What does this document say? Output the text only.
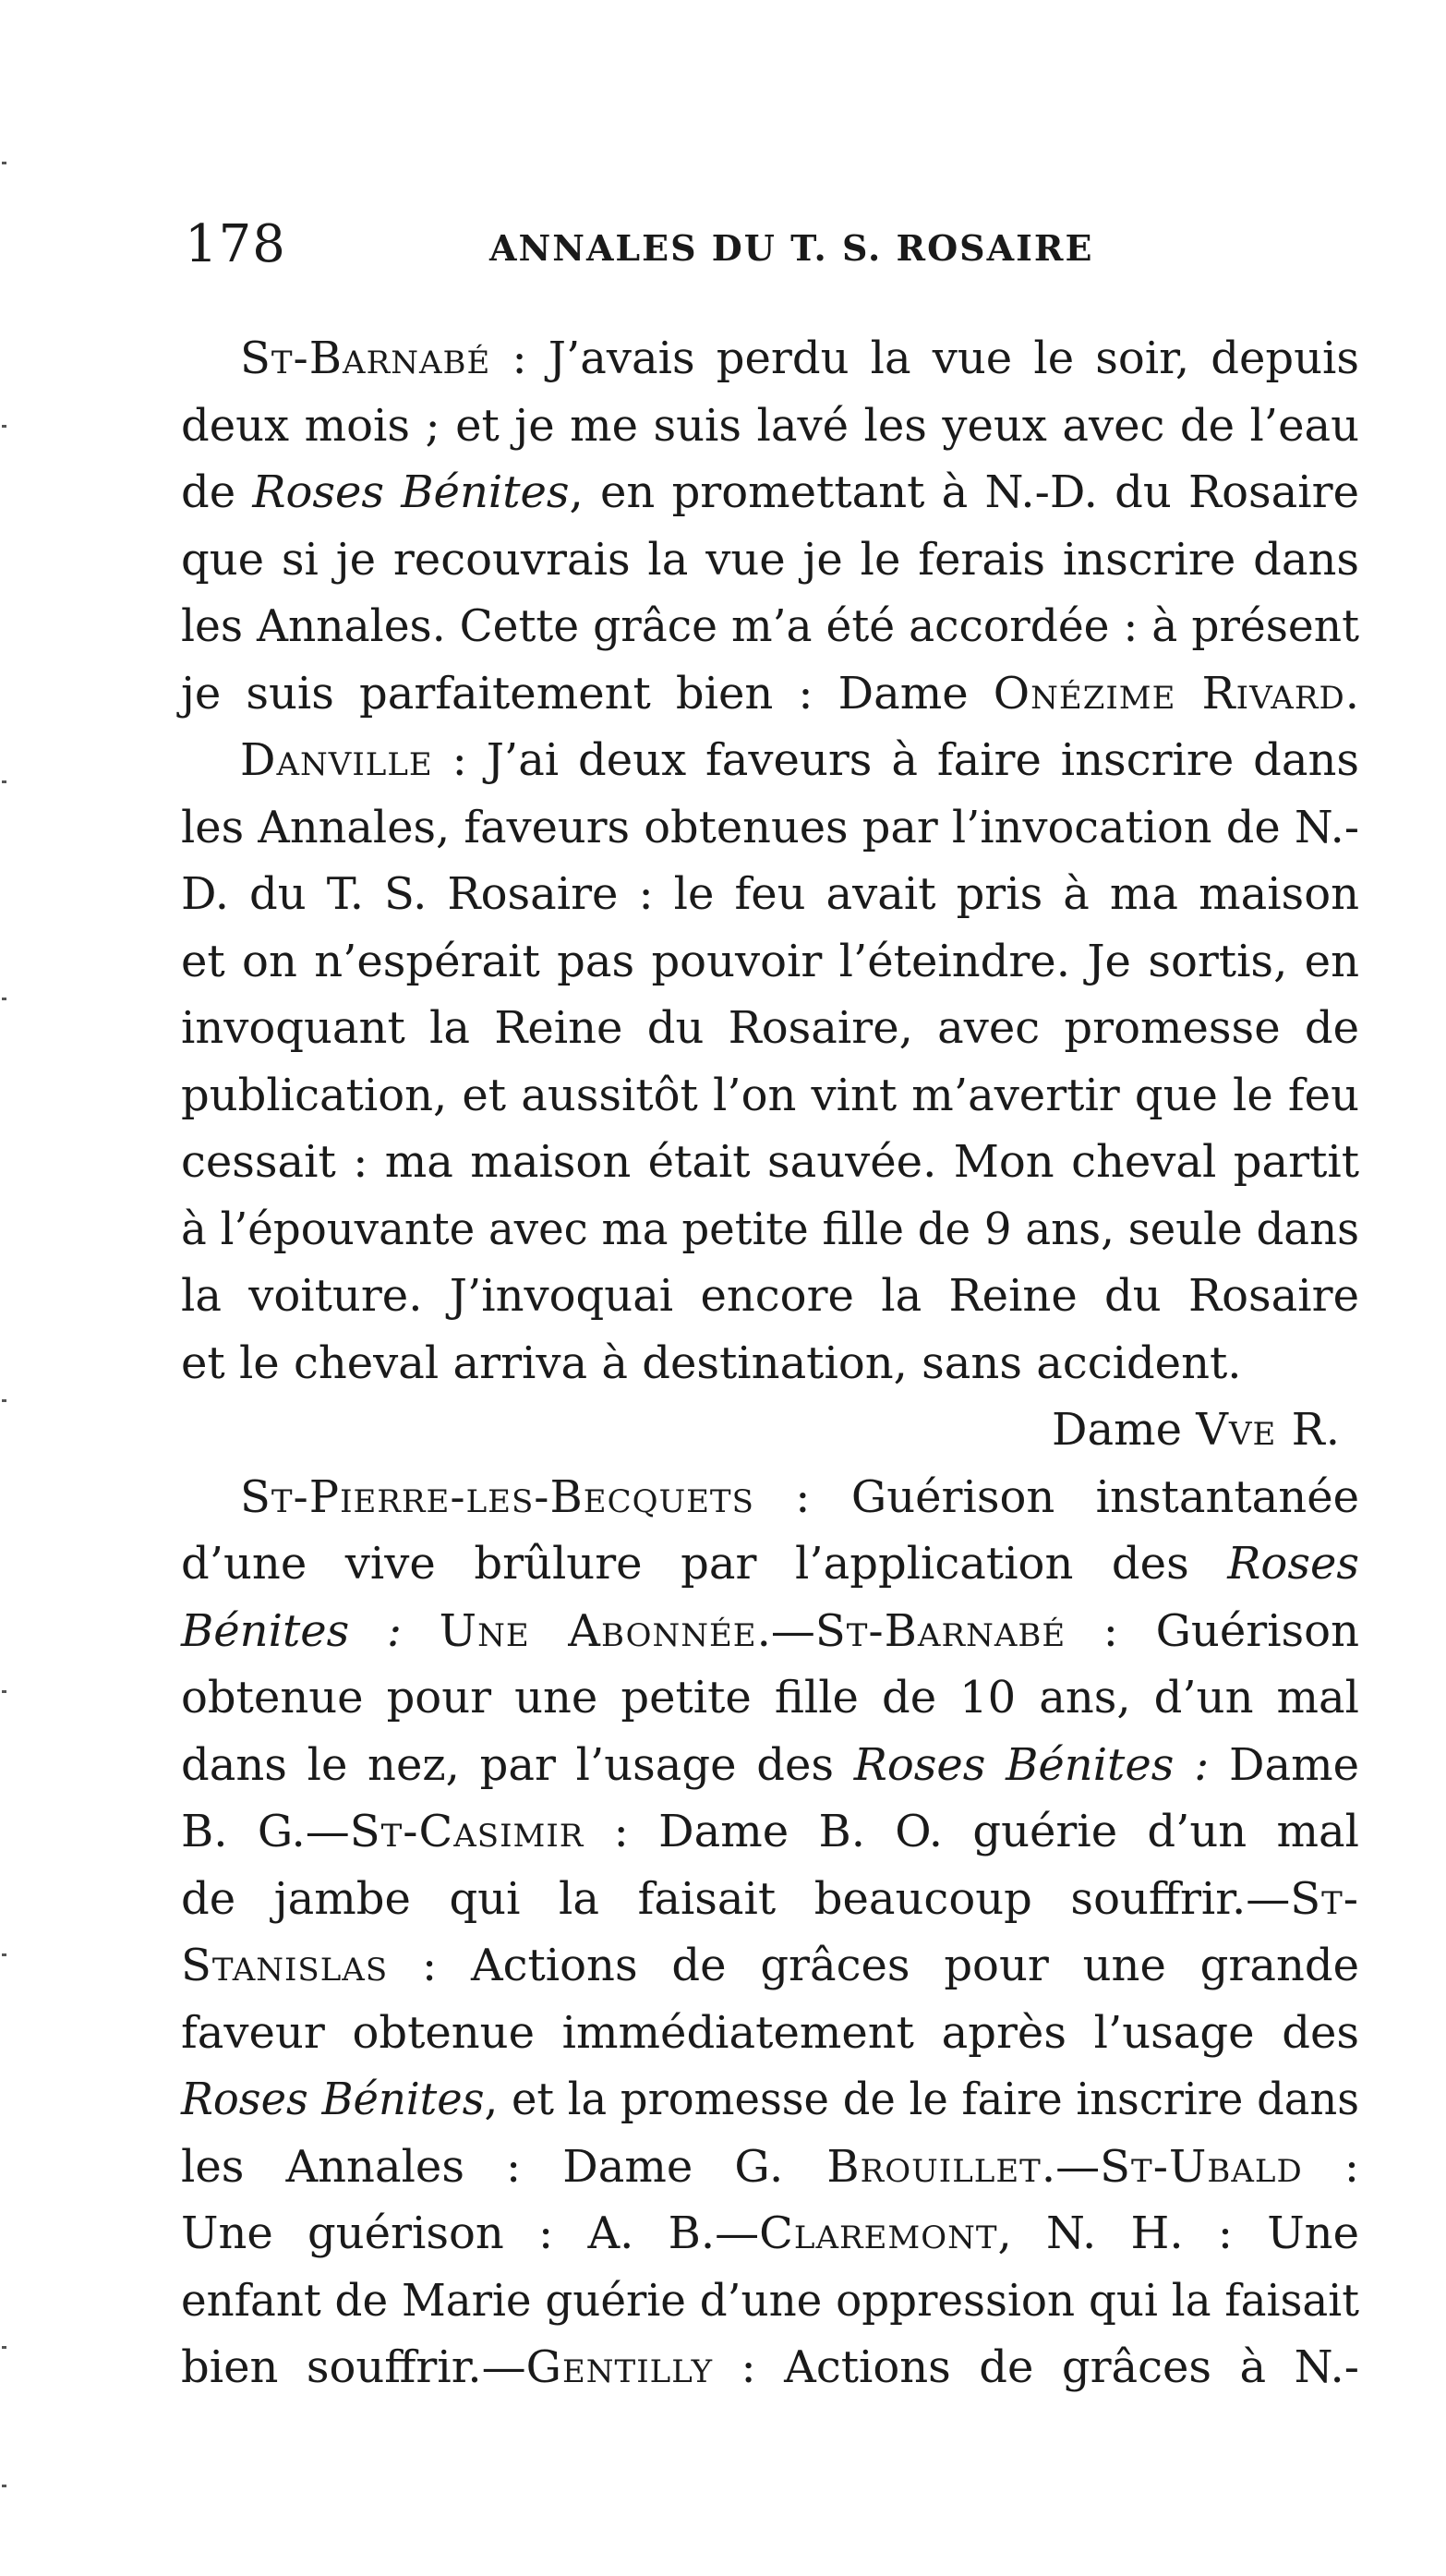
178	ANNALES DU T. S. ROSAIRE
St-Barnabé : J’avais perdu la vue le soir, depuis
deux mois ; et je me suis lavé les yeux avec de l’eau
de Roses Bénites, en promettant à N.-D. du Rosaire
que si je recouvrais la vue je le ferais inscrire dans
les Annales. Cette grâce m’a été accordée : à présent
je suis parfaitement bien : Dame Onézime Rivard.
Danville : J’ai deux faveurs à faire inscrire dans
les Annales, faveurs obtenues par l’invocation de N.-
D. du T. S. Rosaire : le feu avait pris à ma maison
et on n’espérait pas pouvoir l’éteindre. Je sortis, en
invoquant la Reine du Rosaire, avec promesse de
publication, et aussitôt l’on vint m’avertir que le feu
cessait : ma maison était sauvée. Mon cheval partit
à l’épouvante avec ma petite fille de 9 ans, seule dans
la voiture. J’invoquai encore la Reine du Rosaire
et le cheval arriva à destination, sans accident.
Dame Vve R.
St-Pierre-les-Becquets : Guérison instantanée
d’une vive brûlure par l’application des Roses
Bénites : Une Abonnée.—St-Barnabé : Guérison
obtenue pour une petite fille de 10 ans, d’un mal
dans le nez, par l’usage des Roses Bénites : Dame
B. G.—St-Casimir : Dame B. O. guérie d’un mal
de jambe qui la faisait beaucoup souffrir.—St-
Stanislas : Actions de grâces pour une grande
faveur obtenue immédiatement après l’usage des
Roses Bénites, et la promesse de le faire inscrire dans
les Annales : Dame G. Brouillet.—St-Ubald :
Une guérison : A. B.—Claremont, N. H. : Une
enfant de Marie guérie d’une oppression qui la faisait
bien souffrir.—Gentilly : Actions de grâces à N.-
